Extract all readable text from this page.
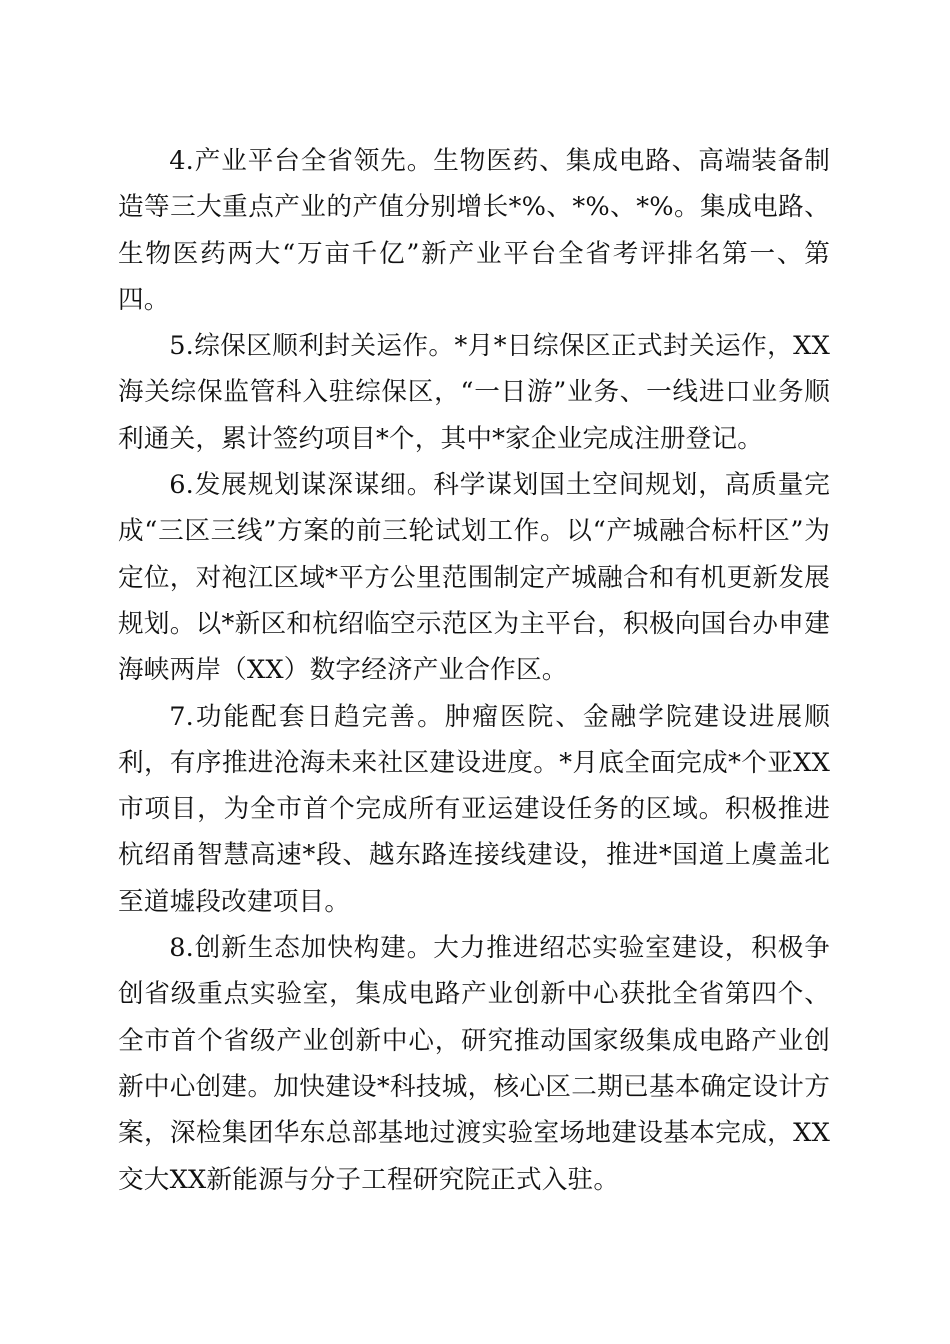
4.产业平台全省领先。生物医药、集成电路、高端装备制造等三大重点产业的产值分别增长*%、*%、*%。集成电路、生物医药两大“万亩千亿”新产业平台全省考评排名第一、第四。

5.综保区顺利封关运作。*月*日综保区正式封关运作，XX海关综保监管科入驻综保区，“一日游”业务、一线进口业务顺利通关，累计签约项目*个，其中*家企业完成注册登记。

6.发展规划谋深谋细。科学谋划国土空间规划，高质量完成“三区三线”方案的前三轮试划工作。以“产城融合标杆区”为定位，对袍江区域*平方公里范围制定产城融合和有机更新发展规划。以*新区和杭绍临空示范区为主平台，积极向国台办申建海峡两岸（XX）数字经济产业合作区。

7.功能配套日趋完善。肿瘤医院、金融学院建设进展顺利，有序推进沧海未来社区建设进度。*月底全面完成*个亚XX市项目，为全市首个完成所有亚运建设任务的区域。积极推进杭绍甬智慧高速*段、越东路连接线建设，推进*国道上虞盖北至道墟段改建项目。

8.创新生态加快构建。大力推进绍芯实验室建设，积极争创省级重点实验室，集成电路产业创新中心获批全省第四个、全市首个省级产业创新中心，研究推动国家级集成电路产业创新中心创建。加快建设*科技城，核心区二期已基本确定设计方案，深检集团华东总部基地过渡实验室场地建设基本完成，XX交大XX新能源与分子工程研究院正式入驻。
